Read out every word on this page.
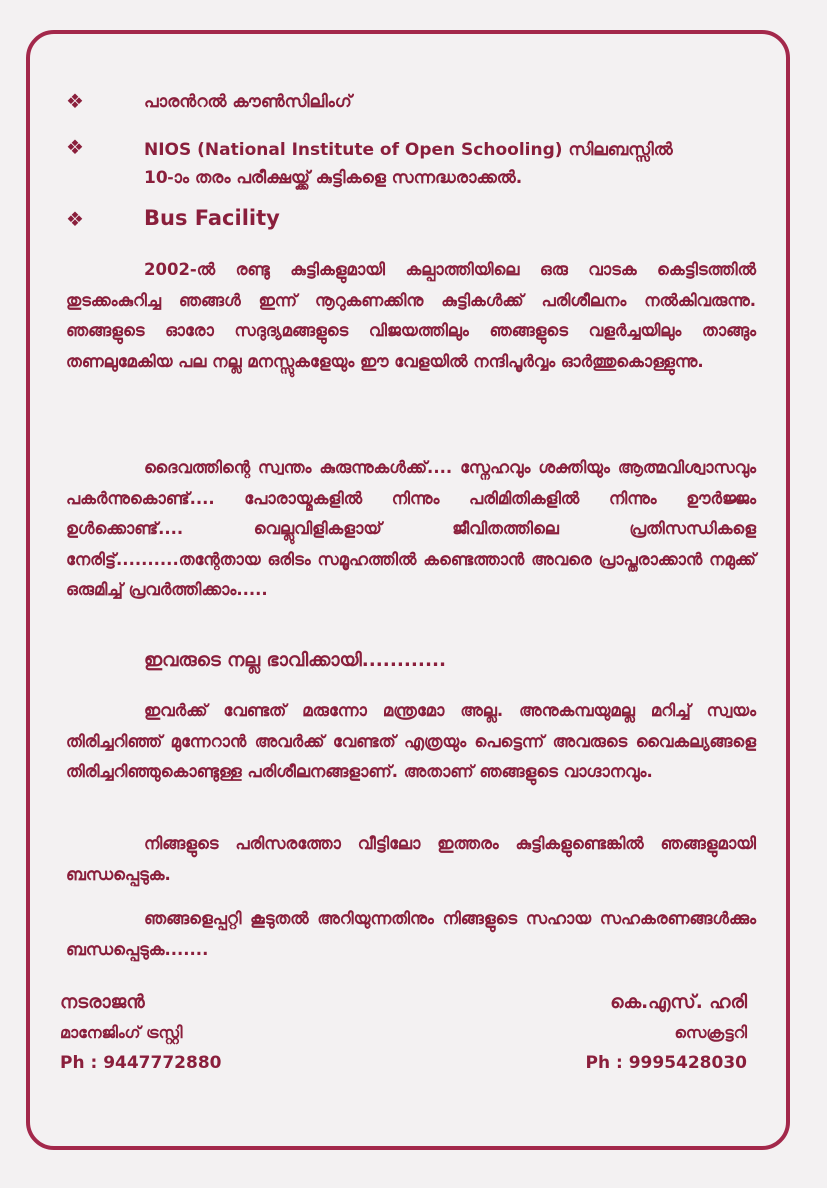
❖	പാരൻറൽ കൗൺസിലിംഗ്
❖	NIOS (National Institute of Open Schooling) സിലബസ്സിൽ
10-ാം തരം പരീക്ഷയ്ക്ക് കുട്ടികളെ സന്നദ്ധരാക്കൽ.
❖	Bus Facility

2002-ൽ രണ്ടു കുട്ടികളുമായി കല്പാത്തിയിലെ ഒരു വാടക കെട്ടിടത്തിൽ തുടക്കംകുറിച്ച ഞങ്ങൾ ഇന്ന് നൂറുകണക്കിനു കുട്ടികൾക്ക് പരിശീലനം നൽകിവരുന്നു. ഞങ്ങളുടെ ഓരോ സദുദ്യമങ്ങളുടെ വിജയത്തിലും ഞങ്ങളുടെ വളർച്ചയിലും താങ്ങും തണലുമേകിയ പല നല്ല മനസ്സുകളേയും ഈ വേളയിൽ നന്ദിപൂർവ്വം ഓർത്തുകൊള്ളുന്നു.

ദൈവത്തിന്റെ സ്വന്തം കുരുന്നുകൾക്ക്.... സ്നേഹവും ശക്തിയും ആത്മവിശ്വാസവും പകർന്നുകൊണ്ട്.... പോരായ്മകളിൽ നിന്നും പരിമിതികളിൽ നിന്നും ഊർജ്ജം ഉൾക്കൊണ്ട്.... വെല്ലുവിളികളായ് ജീവിതത്തിലെ പ്രതിസന്ധികളെ നേരിട്ട്..........തന്റേതായ ഒരിടം സമൂഹത്തിൽ കണ്ടെത്താൻ അവരെ പ്രാപ്തരാക്കാൻ നമുക്ക് ഒരുമിച്ച് പ്രവർത്തിക്കാം.....

ഇവരുടെ നല്ല ഭാവിക്കായി............

ഇവർക്ക് വേണ്ടത് മരുന്നോ മന്ത്രമോ അല്ല. അനുകമ്പയുമല്ല മറിച്ച് സ്വയം തിരിച്ചറിഞ്ഞ് മുന്നേറാൻ അവർക്ക് വേണ്ടത് എത്രയും പെട്ടെന്ന് അവരുടെ വൈകല്യങ്ങളെ തിരിച്ചറിഞ്ഞുകൊണ്ടുള്ള പരിശീലനങ്ങളാണ്. അതാണ് ഞങ്ങളുടെ വാഗ്ദാനവും.

നിങ്ങളുടെ പരിസരത്തോ വീട്ടിലോ ഇത്തരം കുട്ടികളുണ്ടെങ്കിൽ ഞങ്ങളുമായി ബന്ധപ്പെടുക.

ഞങ്ങളെപ്പറ്റി കൂടുതൽ അറിയുന്നതിനും നിങ്ങളുടെ സഹായ സഹകരണങ്ങൾക്കും ബന്ധപ്പെടുക.......

നടരാജൻ
മാനേജിംഗ് ട്രസ്റ്റി
Ph : 9447772880
കെ.എസ്. ഹരി
സെക്രട്ടറി
Ph : 9995428030
